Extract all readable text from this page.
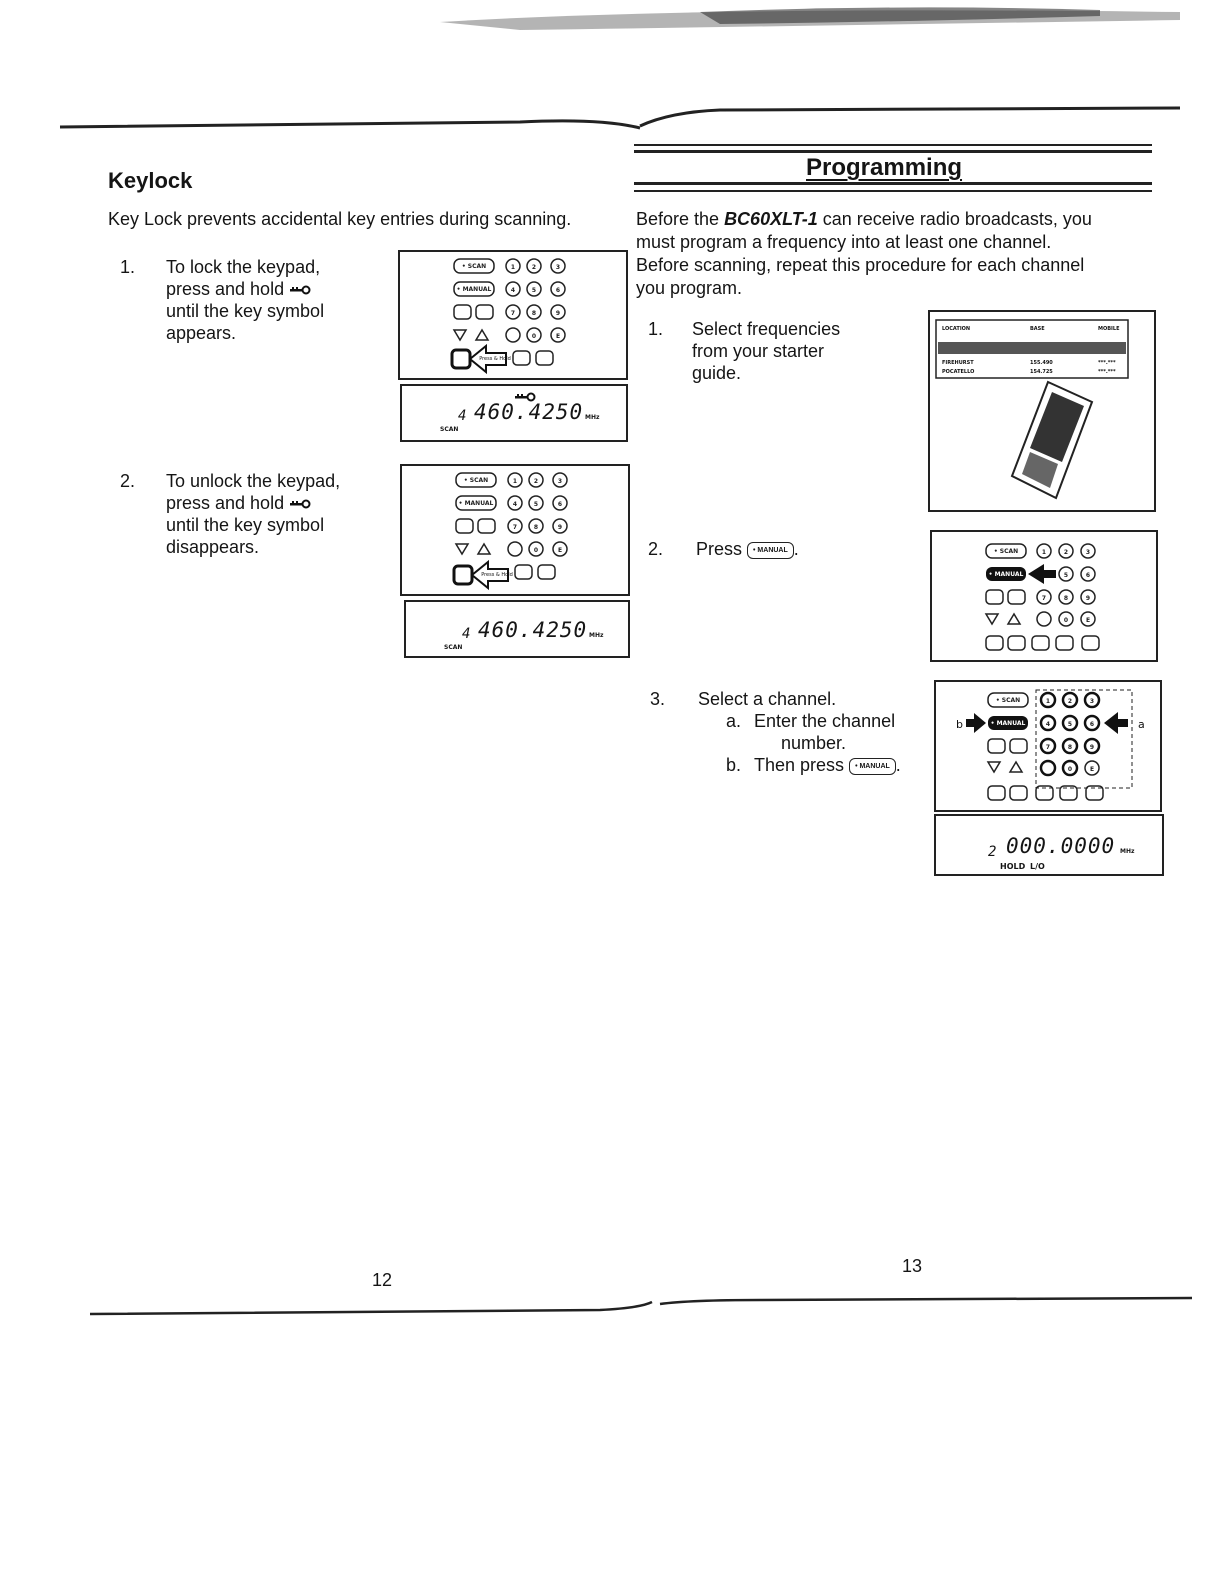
Keylock
Key Lock prevents accidental key entries during scanning.
1. To lock the keypad,
press and hold
until the key symbol
appears.
• SCAN
• MANUAL
1	2	3
4	5	6
7	8	9
0	E
Press & Hold
4 460.4250 MHz
SCAN
2. To unlock the keypad,
press and hold
until the key symbol
disappears.
• SCAN
• MANUAL
1	2	3
4	5	6
7	8	9
0	E
Press & Hold
4 460.4250 MHz
SCAN
12
Programming
Before the BC60XLT-1 can receive radio broadcasts, you
must program a frequency into at least one channel.
Before scanning, repeat this procedure for each channel
you program.
1. Select frequencies
from your starter
guide.
LOCATION	BASE	MOBILE
FIREHURST	155.490	***.***
POCATELLO	154.725	***.***
2. Press • MANUAL .	• SCAN
• MANUAL
1	2	3
5	6
7	8	9
0	E
3. Select a channel.
a. Enter the channel
number.
b. Then press • MANUAL .
b	a
• SCAN
• MANUAL
1	2	3
4	5	6
7	8	9
0	E
2 000.0000 MHz
HOLD L/O
13
